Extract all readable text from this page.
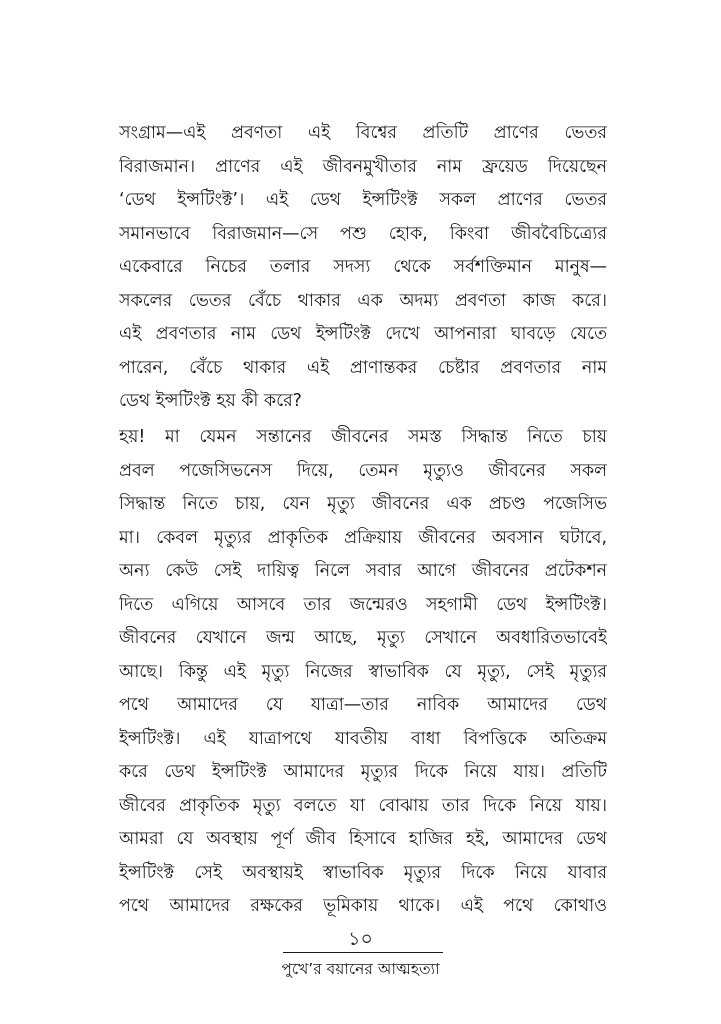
সংগ্রাম—এই প্রবণতা এই বিশ্বের প্রতিটি প্রাণের ভেতর
বিরাজমান। প্রাণের এই জীবনমুখীতার নাম ফ্রয়েড দিয়েছেন
‘ডেথ ইন্সটিংক্ট’। এই ডেথ ইন্সটিংক্ট সকল প্রাণের ভেতর
সমানভাবে বিরাজমান—সে পশু হোক, কিংবা জীববৈচিত্র্যের
একেবারে নিচের তলার সদস্য থেকে সর্বশক্তিমান মানুষ—
সকলের ভেতর বেঁচে থাকার এক অদম্য প্রবণতা কাজ করে।
এই প্রবণতার নাম ডেথ ইন্সটিংক্ট দেখে আপনারা ঘাবড়ে যেতে
পারেন, বেঁচে থাকার এই প্রাণান্তকর চেষ্টার প্রবণতার নাম
ডেথ ইন্সটিংক্ট হয় কী করে?
হয়! মা যেমন সন্তানের জীবনের সমস্ত সিদ্ধান্ত নিতে চায়
প্রবল পজেসিভনেস দিয়ে, তেমন মৃত্যুও জীবনের সকল
সিদ্ধান্ত নিতে চায়, যেন মৃত্যু জীবনের এক প্রচণ্ড পজেসিভ
মা। কেবল মৃত্যুর প্রাকৃতিক প্রক্রিয়ায় জীবনের অবসান ঘটাবে,
অন্য কেউ সেই দায়িত্ব নিলে সবার আগে জীবনের প্রটেকশন
দিতে এগিয়ে আসবে তার জন্মেরও সহগামী ডেথ ইন্সটিংক্ট।
জীবনের যেখানে জন্ম আছে, মৃত্যু সেখানে অবধারিতভাবেই
আছে। কিন্তু এই মৃত্যু নিজের স্বাভাবিক যে মৃত্যু, সেই মৃত্যুর
পথে আমাদের যে যাত্রা—তার নাবিক আমাদের ডেথ
ইন্সটিংক্ট। এই যাত্রাপথে যাবতীয় বাধা বিপত্তিকে অতিক্রম
করে ডেথ ইন্সটিংক্ট আমাদের মৃত্যুর দিকে নিয়ে যায়। প্রতিটি
জীবের প্রাকৃতিক মৃত্যু বলতে যা বোঝায় তার দিকে নিয়ে যায়।
আমরা যে অবস্থায় পূর্ণ জীব হিসাবে হাজির হই, আমাদের ডেথ
ইন্সটিংক্ট সেই অবস্থায়ই স্বাভাবিক মৃত্যুর দিকে নিয়ে যাবার
পথে আমাদের রক্ষকের ভূমিকায় থাকে। এই পথে কোথাও
১০
পুখে’র বয়ানের আত্মহত্যা
